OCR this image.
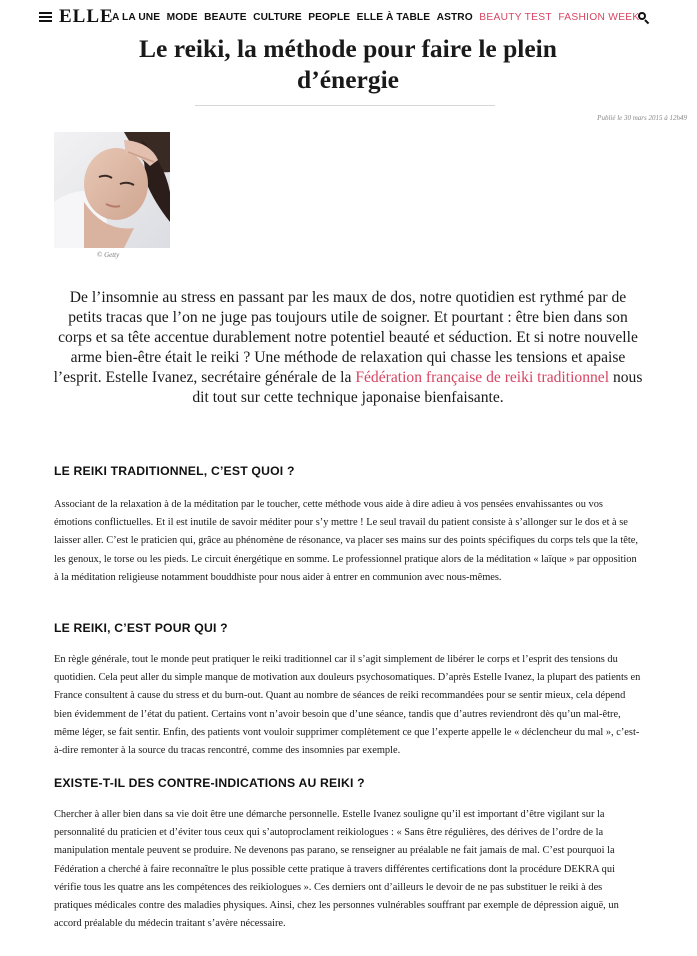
ELLE
A LA UNE MODE BEAUTE CULTURE PEOPLE ELLE À TABLE ASTRO BEAUTY TEST FASHION WEEK
Le reiki, la méthode pour faire le plein
d’énergie
Publié le 30 mars 2015 à 12h49
© Getty

De l’insomnie au stress en passant par les maux de dos, notre quotidien est rythmé par de petits tracas que l’on ne juge pas toujours utile de soigner. Et pourtant : être bien dans son corps et sa tête accentue durablement notre potentiel beauté et séduction. Et si notre nouvelle arme bien-être était le reiki ? Une méthode de relaxation qui chasse les tensions et apaise l’esprit. Estelle Ivanez, secrétaire générale de la Fédération française de reiki traditionnel nous dit tout sur cette technique japonaise bienfaisante.

LE REIKI TRADITIONNEL, C’EST QUOI ?

Associant de la relaxation à de la méditation par le toucher, cette méthode vous aide à dire adieu à vos pensées envahissantes ou vos émotions conflictuelles. Et il est inutile de savoir méditer pour s’y mettre ! Le seul travail du patient consiste à s’allonger sur le dos et à se laisser aller. C’est le praticien qui, grâce au phénomène de résonance, va placer ses mains sur des points spécifiques du corps tels que la tête, les genoux, le torse ou les pieds. Le circuit énergétique en somme. Le professionnel pratique alors de la méditation « laïque » par opposition à la méditation religieuse notamment bouddhiste pour nous aider à entrer en communion avec nous-mêmes.

LE REIKI, C’EST POUR QUI ?

En règle générale, tout le monde peut pratiquer le reiki traditionnel car il s’agit simplement de libérer le corps et l’esprit des tensions du quotidien. Cela peut aller du simple manque de motivation aux douleurs psychosomatiques. D’après Estelle Ivanez, la plupart des patients en France consultent à cause du stress et du burn-out. Quant au nombre de séances de reiki recommandées pour se sentir mieux, cela dépend bien évidemment de l’état du patient. Certains vont n’avoir besoin que d’une séance, tandis que d’autres reviendront dès qu’un mal-être, même léger, se fait sentir. Enfin, des patients vont vouloir supprimer complètement ce que l’experte appelle le « déclencheur du mal », c’est-à-dire remonter à la source du tracas rencontré, comme des insomnies par exemple.

EXISTE-T-IL DES CONTRE-INDICATIONS AU REIKI ?

Chercher à aller bien dans sa vie doit être une démarche personnelle. Estelle Ivanez souligne qu’il est important d’être vigilant sur la personnalité du praticien et d’éviter tous ceux qui s’autoproclament reikiologues : « Sans être régulières, des dérives de l’ordre de la manipulation mentale peuvent se produire. Ne devenons pas parano, se renseigner au préalable ne fait jamais de mal. C’est pourquoi la Fédération a cherché à faire reconnaître le plus possible cette pratique à travers différentes certifications dont la procédure DEKRA qui vérifie tous les quatre ans les compétences des reikiologues ». Ces derniers ont d’ailleurs le devoir de ne pas substituer le reiki à des pratiques médicales contre des maladies physiques. Ainsi, chez les personnes vulnérables souffrant par exemple de dépression aiguë, un accord préalable du médecin traitant s’avère nécessaire.
